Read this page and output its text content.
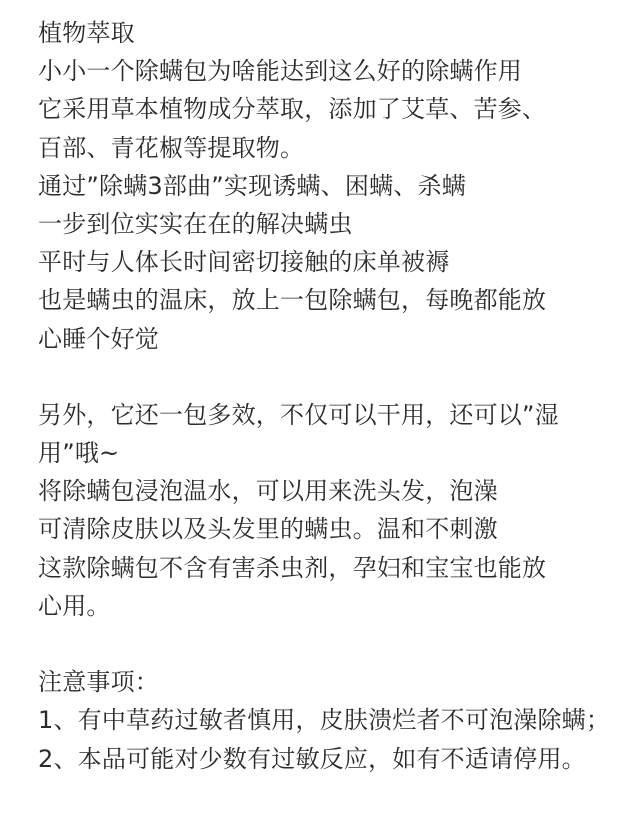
植物萃取
小小一个除螨包为啥能达到这么好的除螨作用
它采用草本植物成分萃取，添加了艾草、苦参、
百部、青花椒等提取物。
通过”除螨3部曲”实现诱螨、困螨、杀螨
一步到位实实在在的解决螨虫
平时与人体长时间密切接触的床单被褥
也是螨虫的温床，放上一包除螨包，每晚都能放
心睡个好觉
另外，它还一包多效，不仅可以干用，还可以”湿
用”哦~
将除螨包浸泡温水，可以用来洗头发，泡澡
可清除皮肤以及头发里的螨虫。温和不刺激
这款除螨包不含有害杀虫剂，孕妇和宝宝也能放
心用。
注意事项：
1、有中草药过敏者慎用，皮肤溃烂者不可泡澡除螨；
2、本品可能对少数有过敏反应，如有不适请停用。
